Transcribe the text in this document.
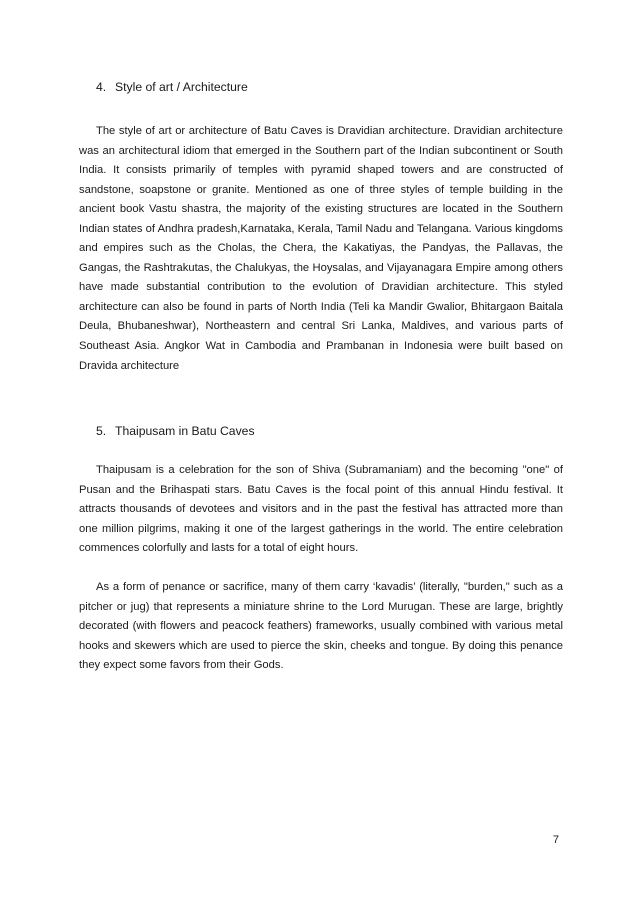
4. Style of art / Architecture

The style of art or architecture of Batu Caves is Dravidian architecture. Dravidian architecture was an architectural idiom that emerged in the Southern part of the Indian subcontinent or South India. It consists primarily of temples with pyramid shaped towers and are constructed of sandstone, soapstone or granite. Mentioned as one of three styles of temple building in the ancient book Vastu shastra, the majority of the existing structures are located in the Southern Indian states of Andhra pradesh,Karnataka, Kerala, Tamil Nadu and Telangana. Various kingdoms and empires such as the Cholas, the Chera, the Kakatiyas, the Pandyas, the Pallavas, the Gangas, the Rashtrakutas, the Chalukyas, the Hoysalas, and Vijayanagara Empire among others have made substantial contribution to the evolution of Dravidian architecture. This styled architecture can also be found in parts of North India (Teli ka Mandir Gwalior, Bhitargaon Baitala Deula, Bhubaneshwar), Northeastern and central Sri Lanka, Maldives, and various parts of Southeast Asia. Angkor Wat in Cambodia and Prambanan in Indonesia were built based on Dravida architecture

5. Thaipusam in Batu Caves

Thaipusam is a celebration for the son of Shiva (Subramaniam) and the becoming "one" of Pusan and the Brihaspati stars. Batu Caves is the focal point of this annual Hindu festival. It attracts thousands of devotees and visitors and in the past the festival has attracted more than one million pilgrims, making it one of the largest gatherings in the world. The entire celebration commences colorfully and lasts for a total of eight hours.

As a form of penance or sacrifice, many of them carry ‘kavadis’ (literally, "burden," such as a pitcher or jug) that represents a miniature shrine to the Lord Murugan. These are large, brightly decorated (with flowers and peacock feathers) frameworks, usually combined with various metal hooks and skewers which are used to pierce the skin, cheeks and tongue. By doing this penance they expect some favors from their Gods.

7
